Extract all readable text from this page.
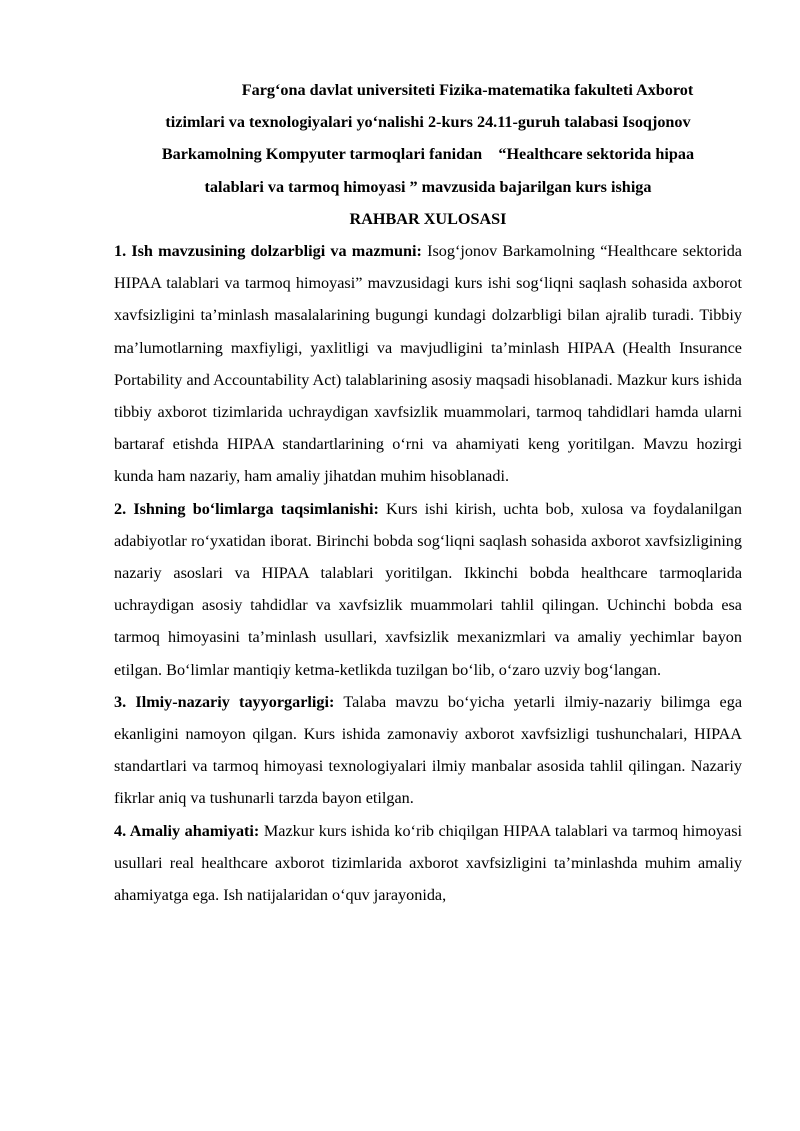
Farg‘ona davlat universiteti Fizika-matematika fakulteti Axborot
tizimlari va texnologiyalari yo‘nalishi 2-kurs 24.11-guruh talabasi Isoqjonov
Barkamolning Kompyuter tarmoqlari fanidan    “Healthcare sektorida hipaa
talablari va tarmoq himoyasi ” mavzusida bajarilgan kurs ishiga

RAHBAR XULOSASI

1. Ish mavzusining dolzarbligi va mazmuni: Isog‘jonov Barkamolning “Healthcare sektorida HIPAA talablari va tarmoq himoyasi” mavzusidagi kurs ishi sog‘liqni saqlash sohasida axborot xavfsizligini ta’minlash masalalarining bugungi kundagi dolzarbligi bilan ajralib turadi. Tibbiy ma’lumotlarning maxfiyligi, yaxlitligi va mavjudligini ta’minlash HIPAA (Health Insurance Portability and Accountability Act) talablarining asosiy maqsadi hisoblanadi. Mazkur kurs ishida tibbiy axborot tizimlarida uchraydigan xavfsizlik muammolari, tarmoq tahdidlari hamda ularni bartaraf etishda HIPAA standartlarining o‘rni va ahamiyati keng yoritilgan. Mavzu hozirgi kunda ham nazariy, ham amaliy jihatdan muhim hisoblanadi.

2. Ishning bo‘limlarga taqsimlanishi: Kurs ishi kirish, uchta bob, xulosa va foydalanilgan adabiyotlar ro‘yxatidan iborat. Birinchi bobda sog‘liqni saqlash sohasida axborot xavfsizligining nazariy asoslari va HIPAA talablari yoritilgan. Ikkinchi bobda healthcare tarmoqlarida uchraydigan asosiy tahdidlar va xavfsizlik muammolari tahlil qilingan. Uchinchi bobda esa tarmoq himoyasini ta’minlash usullari, xavfsizlik mexanizmlari va amaliy yechimlar bayon etilgan. Bo‘limlar mantiqiy ketma-ketlikda tuzilgan bo‘lib, o‘zaro uzviy bog‘langan.

3. Ilmiy-nazariy tayyorgarligi: Talaba mavzu bo‘yicha yetarli ilmiy-nazariy bilimga ega ekanligini namoyon qilgan. Kurs ishida zamonaviy axborot xavfsizligi tushunchalari, HIPAA standartlari va tarmoq himoyasi texnologiyalari ilmiy manbalar asosida tahlil qilingan. Nazariy fikrlar aniq va tushunarli tarzda bayon etilgan.

4. Amaliy ahamiyati: Mazkur kurs ishida ko‘rib chiqilgan HIPAA talablari va tarmoq himoyasi usullari real healthcare axborot tizimlarida axborot xavfsizligini ta’minlashda muhim amaliy ahamiyatga ega. Ish natijalaridan o‘quv jarayonida,
